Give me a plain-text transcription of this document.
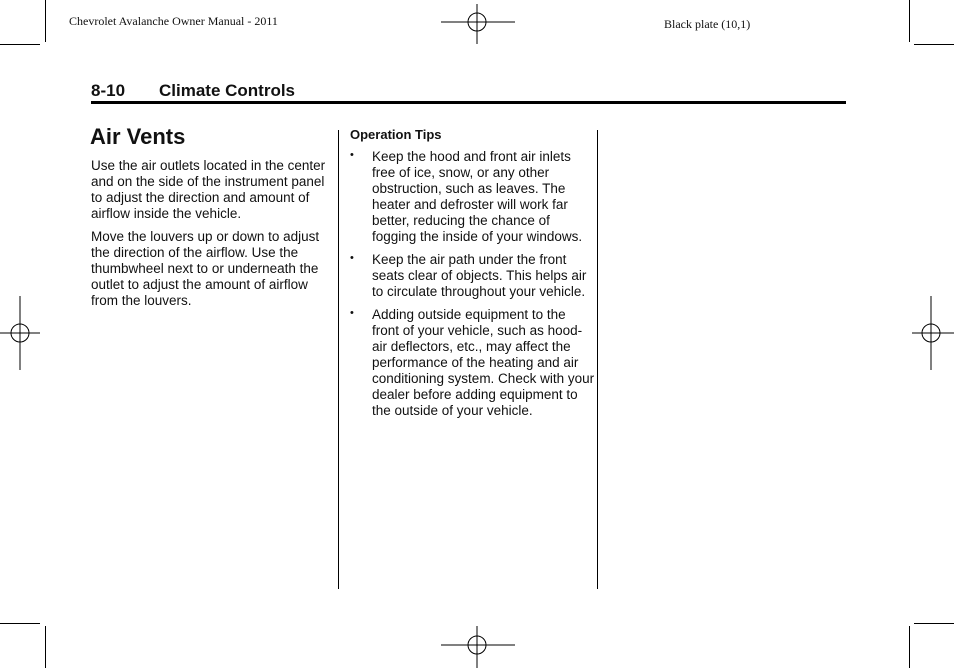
Chevrolet Avalanche Owner Manual - 2011	Black plate (10,1)
8-10 Climate Controls
Air Vents

Use the air outlets located in the center and on the side of the instrument panel to adjust the direction and amount of airflow inside the vehicle.

Move the louvers up or down to adjust the direction of the airflow. Use the thumbwheel next to or underneath the outlet to adjust the amount of airflow from the louvers.

Operation Tips
• Keep the hood and front air inlets free of ice, snow, or any other obstruction, such as leaves. The heater and defroster will work far better, reducing the chance of fogging the inside of your windows.
• Keep the air path under the front seats clear of objects. This helps air to circulate throughout your vehicle.
• Adding outside equipment to the front of your vehicle, such as hood-air deflectors, etc., may affect the performance of the heating and air conditioning system. Check with your dealer before adding equipment to the outside of your vehicle.
